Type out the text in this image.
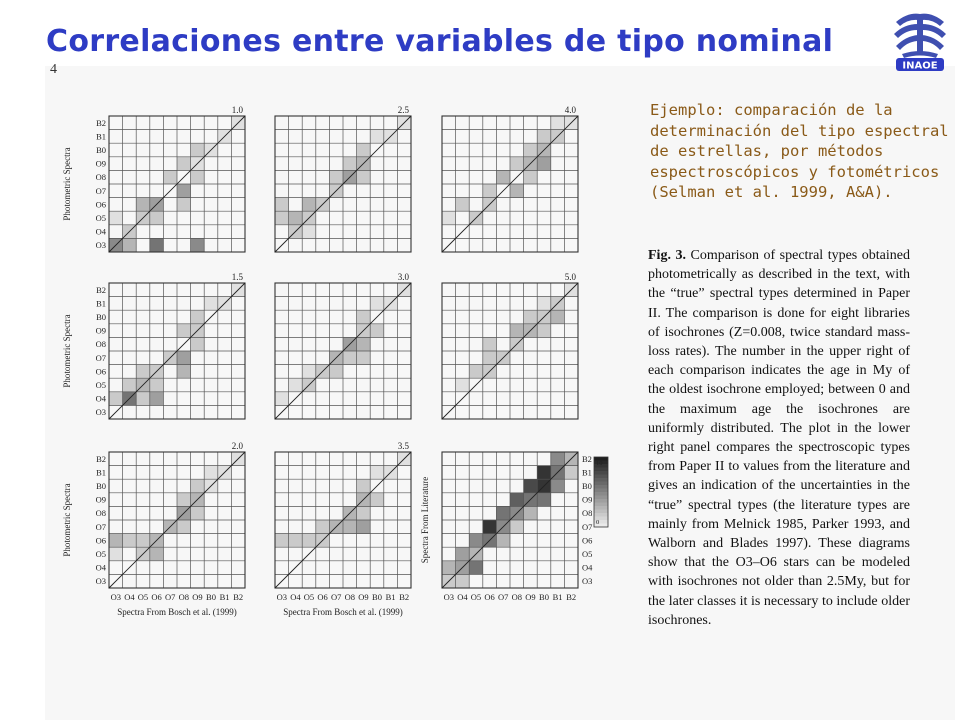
Correlaciones entre variables de tipo nominal
INAOE
4
Ejemplo: comparación de la
determinación del tipo espectral
de estrellas, por métodos
espectroscópicos y fotométricos
(Selman et al. 1999, A&A).
Fig. 3. Comparison of spectral types obtained photometrically as described in the text, with the “true” spectral types determined in Paper II. The comparison is done for eight libraries of isochrones (Z=0.008, twice standard mass-loss rates). The number in the upper right of each comparison indicates the age in My of the oldest isochrone employed; between 0 and the maximum age the isochrones are uniformly distributed. The plot in the lower right panel compares the spectroscopic types from Paper II to values from the literature and gives an indication of the uncertainties in the “true” spectral types (the literature types are mainly from Melnick 1985, Parker 1993, and Walborn and Blades 1997). These diagrams show that the O3–O6 stars can be modeled with isochrones not older than 2.5My, but for the later classes it is necessary to include older isochrones.
1.0
O3
O4
O5
O6
O7
O8
O9
B0
B1
B2
2.5	4.0
1.5
O3
O4
O5
O6
O7
O8
O9
B0
B1
B2
3.0	5.0
2.0
O3
O4
O5
O6
O7
O8
O9
B0
B1
B2
O3 O4 O5 O6 O7 O8 O9 B0 B1 B2
3.5
O3 O4 O5 O6 O7 O8 O9 B0 B1 B2
O3
O4
O5
O6
O7
O8
O9
B0
B1
B2
O3 O4 O5 O6 O7 O8 O9 B0 B1 B2
Photometric Spectra
Photometric Spectra
Photometric Spectra	Spectra From Literature
Spectra From Bosch et al. (1999)	Spectra From Bosch et al. (1999)
10
0
